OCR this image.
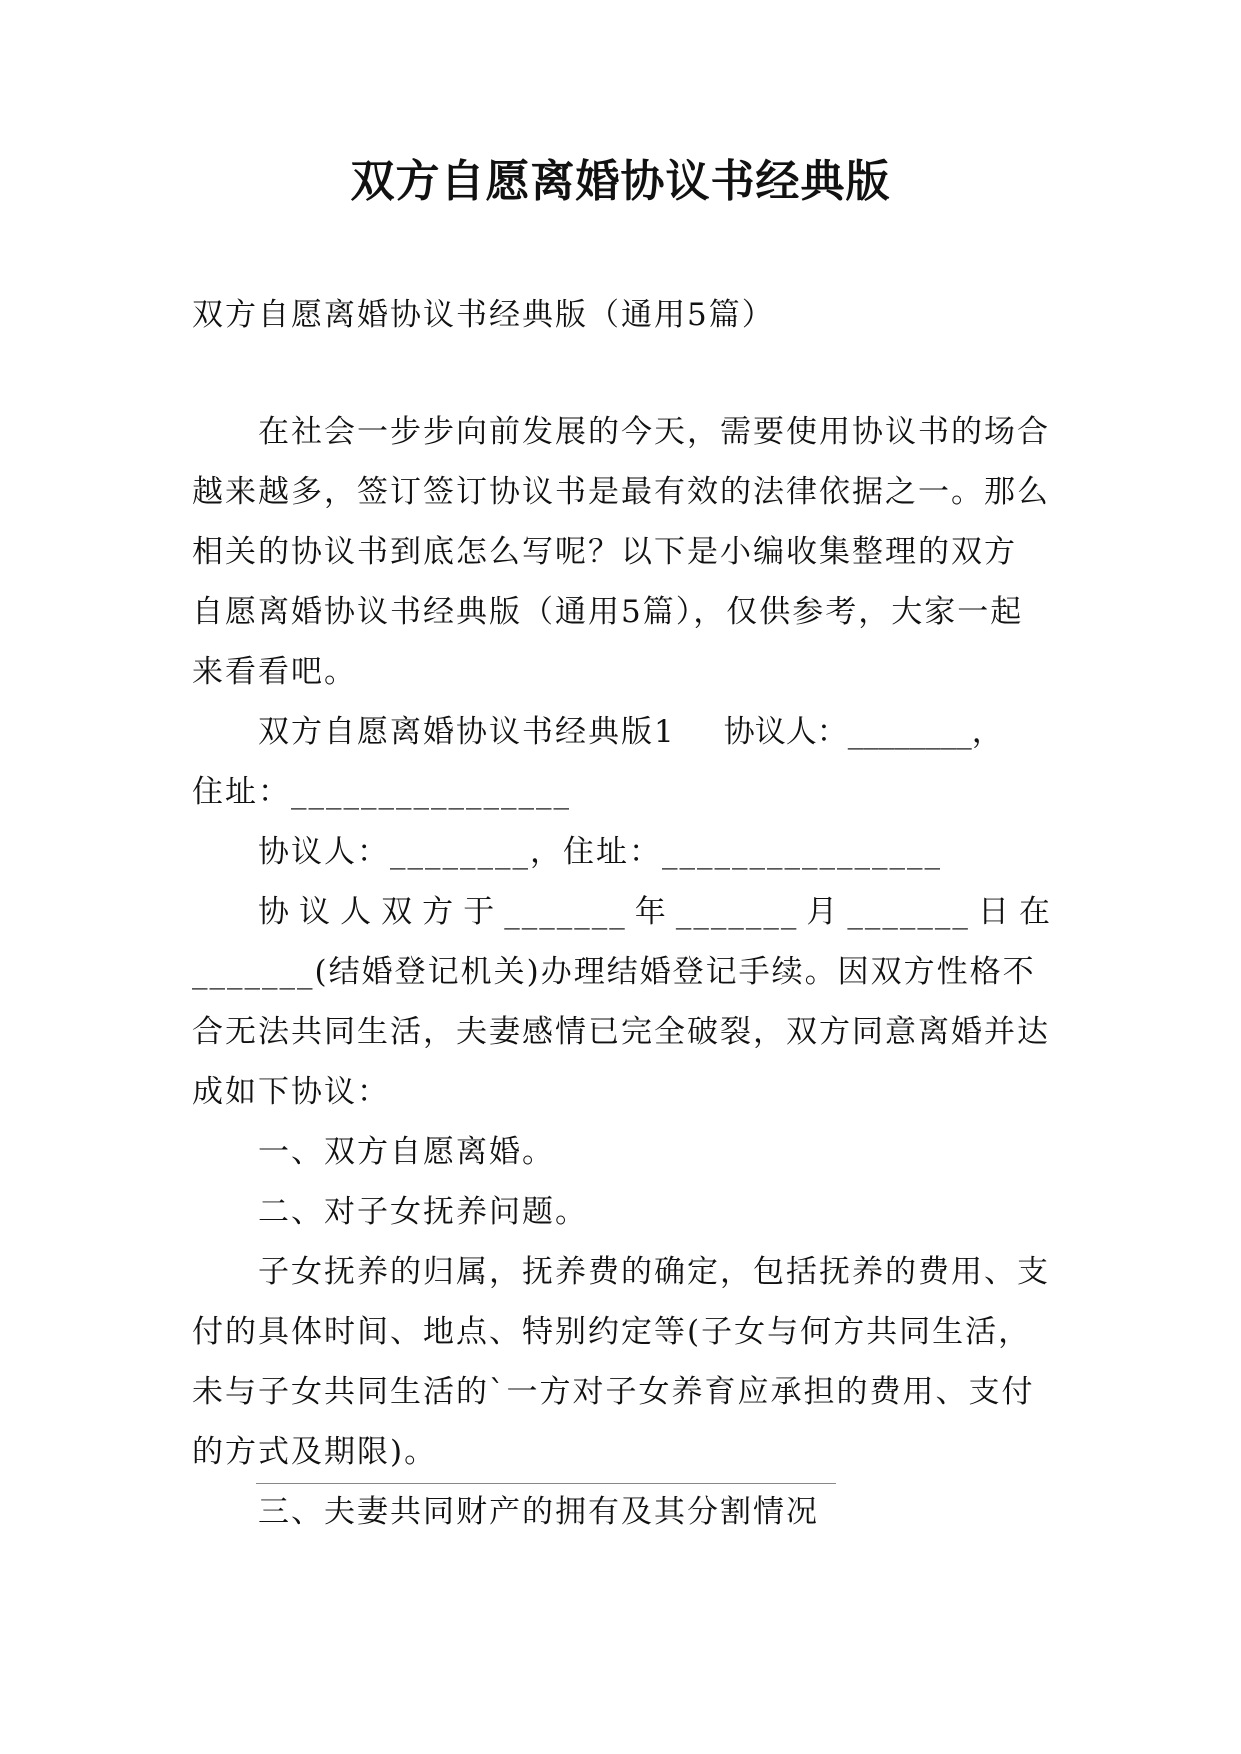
双方自愿离婚协议书经典版

双方自愿离婚协议书经典版（通用5篇）

在社会一步步向前发展的今天，需要使用协议书的场合

越来越多，签订签订协议书是最有效的法律依据之一。那么

相关的协议书到底怎么写呢？以下是小编收集整理的双方

自愿离婚协议书经典版（通用5篇），仅供参考，大家一起

来看看吧。

双方自愿离婚协议书经典版1 协议人：________，

住址：________________

协议人：________，住址：________________

协议人双方于_______年_______月_______日在

_______(结婚登记机关)办理结婚登记手续。因双方性格不

合无法共同生活，夫妻感情已完全破裂，双方同意离婚并达

成如下协议：

一、双方自愿离婚。

二、对子女抚养问题。

子女抚养的归属，抚养费的确定，包括抚养的费用、支

付的具体时间、地点、特别约定等(子女与何方共同生活，

未与子女共同生活的`一方对子女养育应承担的费用、支付

的方式及期限)。

三、夫妻共同财产的拥有及其分割情况
